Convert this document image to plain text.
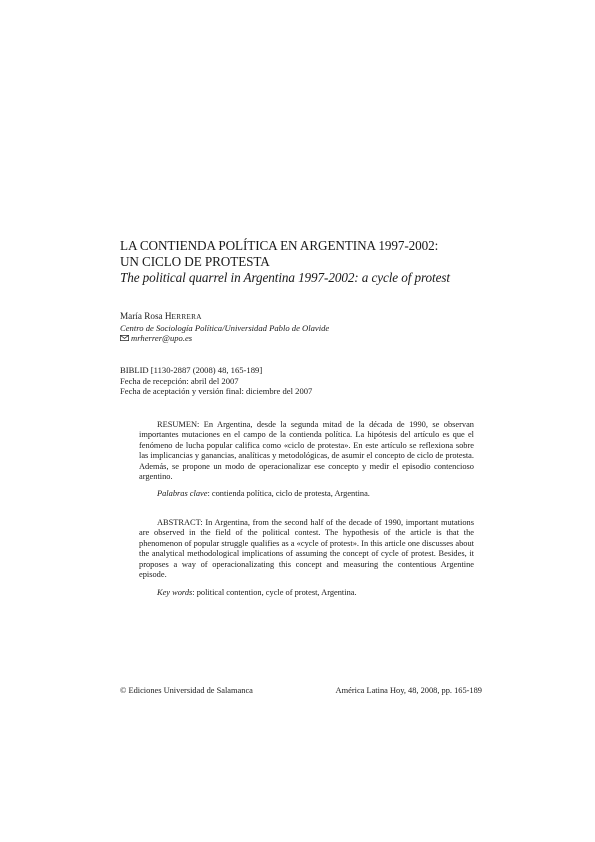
LA CONTIENDA POLÍTICA EN ARGENTINA 1997-2002:
UN CICLO DE PROTESTA
The political quarrel in Argentina 1997-2002: a cycle of protest
María Rosa HERRERA
Centro de Sociología Política/Universidad Pablo de Olavide
mrherrer@upo.es
BIBLID [1130-2887 (2008) 48, 165-189]
Fecha de recepción: abril del 2007
Fecha de aceptación y versión final: diciembre del 2007

RESUMEN: En Argentina, desde la segunda mitad de la década de 1990, se observan importantes mutaciones en el campo de la contienda política. La hipótesis del artículo es que el fenómeno de lucha popular califica como «ciclo de protesta». En este artículo se reflexiona sobre las implicancias y ganancias, analíticas y metodológicas, de asumir el concepto de ciclo de protesta. Además, se propone un modo de operacionalizar ese concepto y medir el episodio contencioso argentino.

Palabras clave: contienda política, ciclo de protesta, Argentina.

ABSTRACT: In Argentina, from the second half of the decade of 1990, important mutations are observed in the field of the political contest. The hypothesis of the article is that the phenomenon of popular struggle qualifies as a «cycle of protest». In this article one discusses about the analytical methodological implications of assuming the concept of cycle of protest. Besides, it proposes a way of operacionalizating this concept and measuring the contentious Argentine episode.

Key words: political contention, cycle of protest, Argentina.

© Ediciones Universidad de Salamanca	América Latina Hoy, 48, 2008, pp. 165-189
